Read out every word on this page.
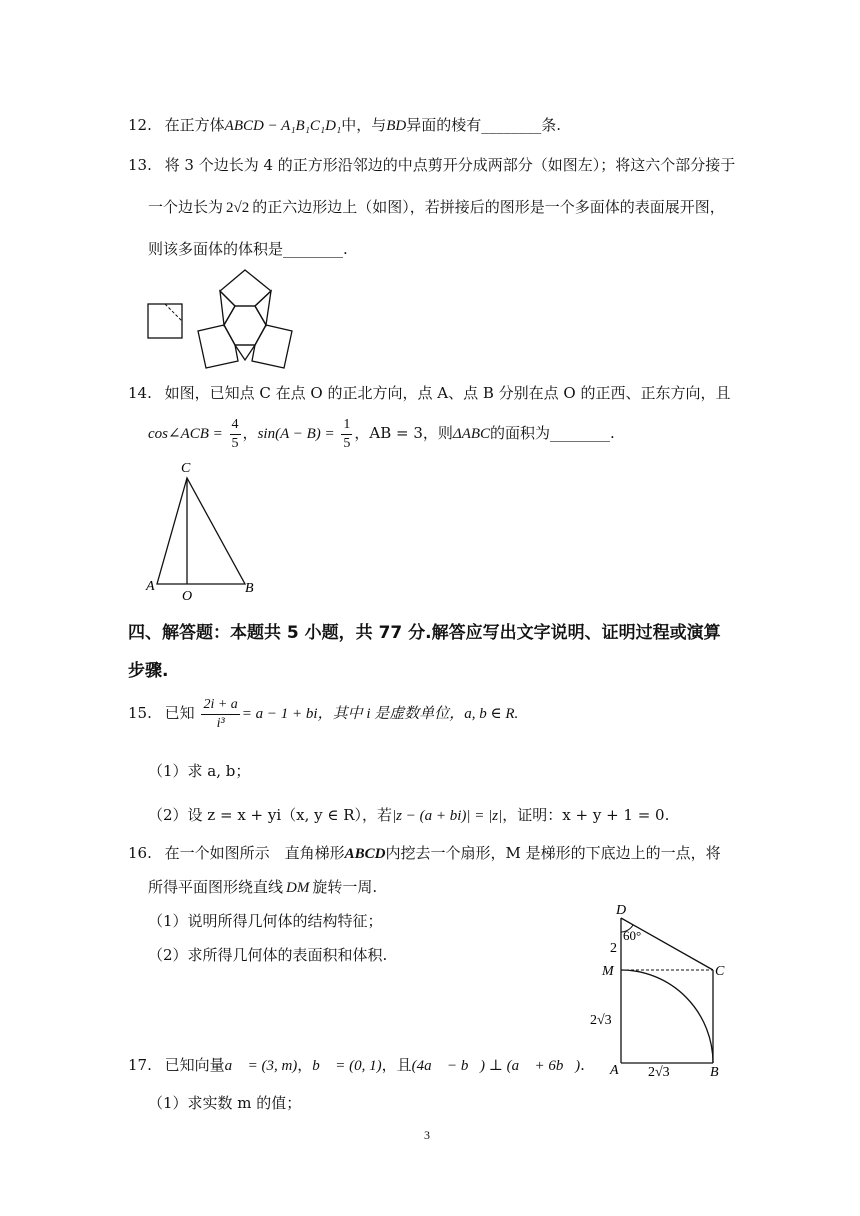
12. 在正方体ABCD − A₁B₁C₁D₁中，与BD异面的棱有________条.
13. 将 3 个边长为 4 的正方形沿邻边的中点剪开分成两部分（如图左）；将这六个部分接于
一个边长为 2√2 的正六边形边上（如图），若拼接后的图形是一个多面体的表面展开图，
则该多面体的体积是________.
14. 如图，已知点 C 在点 O 的正北方向，点 A、点 B 分别在点 O 的正西、正东方向，且
cos∠ACB = $\frac{4}{5}$ ，$\sin(A - B) = \frac{1}{5}$ ，AB = 3，则ΔABC的面积为________.
C
A
O
B
四、解答题：本题共 5 小题，共 77 分.解答应写出文字说明、证明过程或演算
步骤.
15. 已知 $\frac{2i + a}{\text{i³}} = a - 1$ + bi，其中 i 是虚数单位，a, b ∈ R.
（1）求 a, b；
（2）设 z = x + yi（x, y ∈ R），若|z − (a + bi)| = |z|，证明：x + y + 1 = 0.
16. 在一个如图所示　直角梯形ABCD内挖去一个扇形，M 是梯形的下底边上的一点，将
所得平面图形绕直线 DM 旋转一周.
（1）说明所得几何体的结构特征；
（2）求所得几何体的表面积和体积.
D
60°
2
M	C
2√3
A 2√3	B
17. 已知向量a⃗ = (3, m)，b⃗ = (0, 1)，且(4a⃗ − b⃗) ⊥ (a⃗ + 6b⃗).
（1）求实数 m 的值；
3
